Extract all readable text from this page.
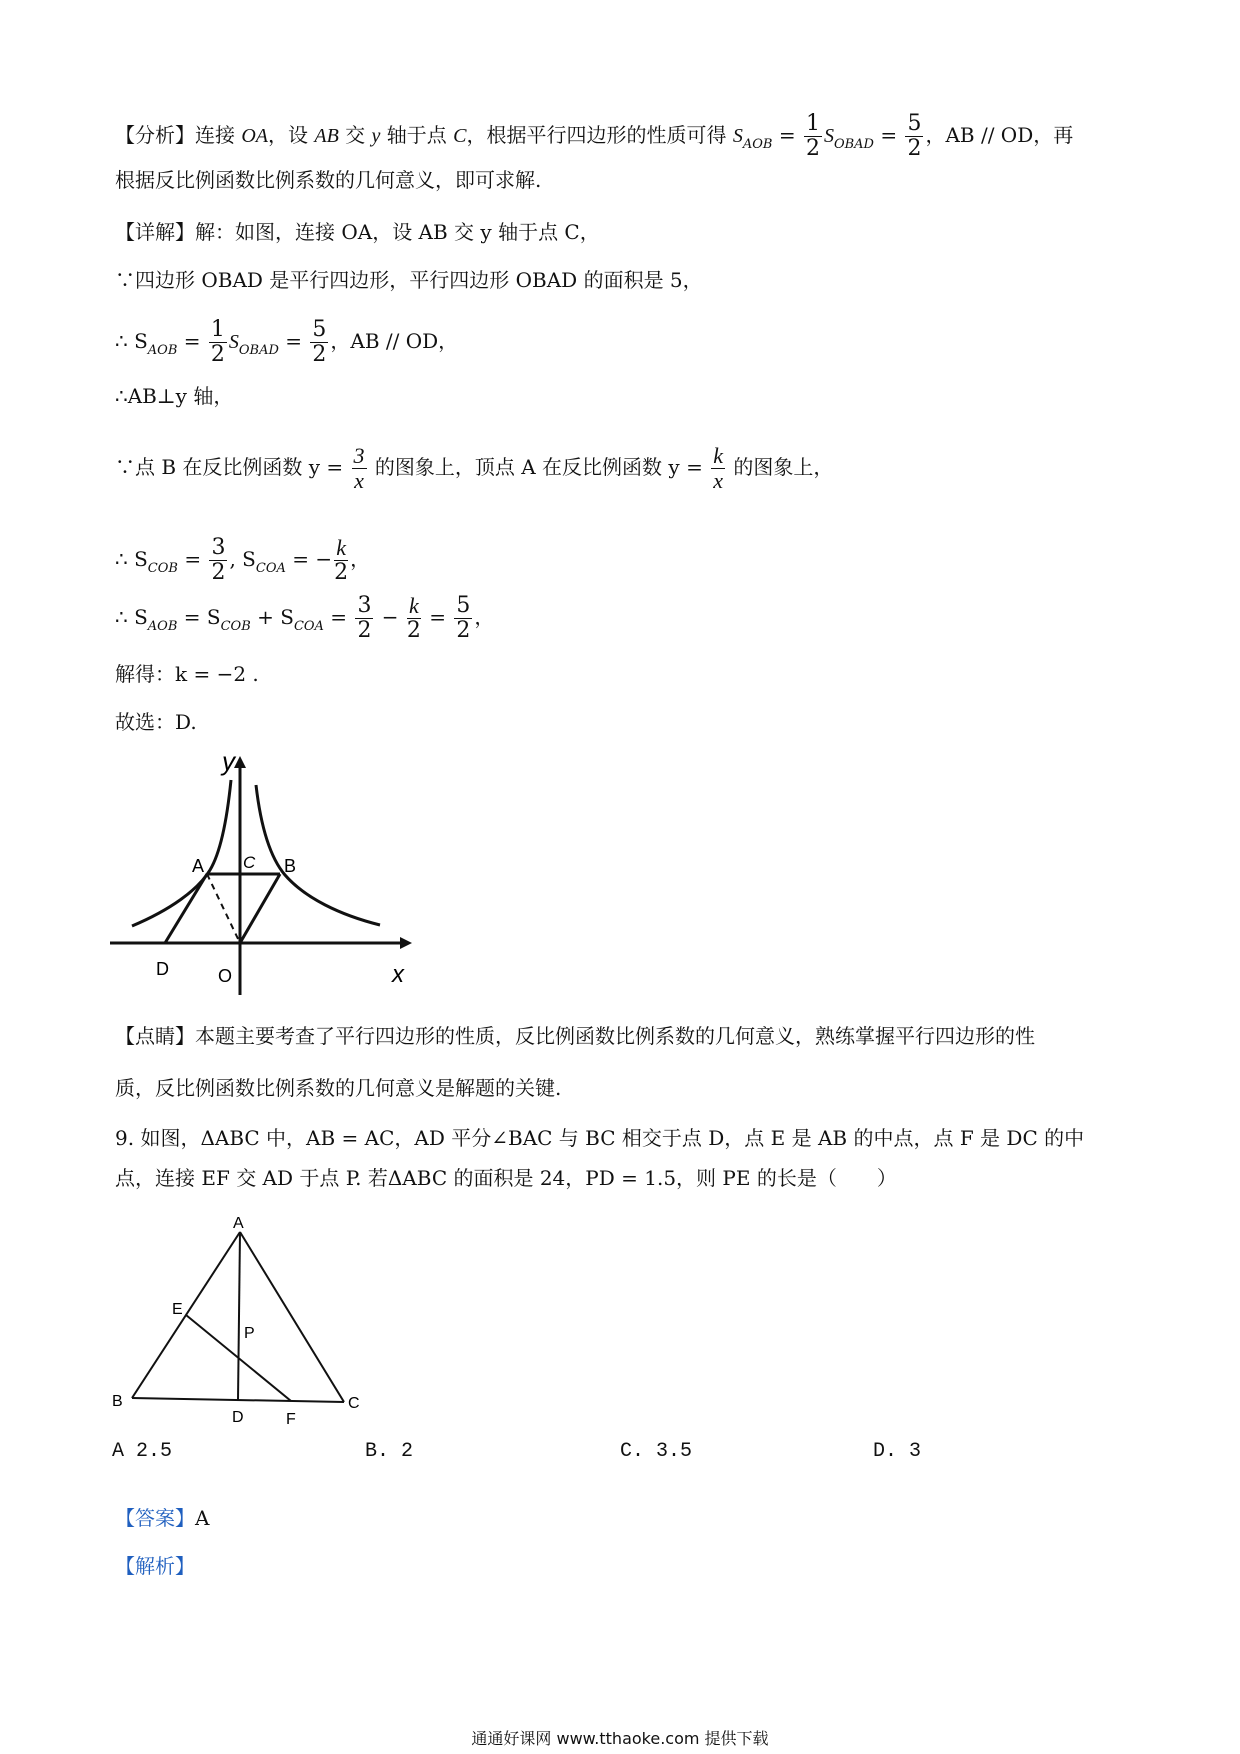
【分析】连接 OA，设 AB 交 y 轴于点 C，根据平行四边形的性质可得 $S_{AOB} = \frac{1}{2} S_{OBAD} = \frac{5}{2}$ ，AB // OD，再
根据反比例函数比例系数的几何意义，即可求解.
【详解】解：如图，连接 OA，设 AB 交 y 轴于点 C，
∵四边形 OBAD 是平行四边形，平行四边形 OBAD 的面积是 5，
∴ $S_{AOB} = \frac{1}{2} S_{OBAD} = \frac{5}{2}$ ，AB // OD，
∴AB⊥y 轴，
∵点 B 在反比例函数 $y = \frac{3}{x}$ 的图象上，顶点 A 在反比例函数 $y = \frac{k}{x}$ 的图象上，
∴ $S_{COB} = \frac{3}{2}$ , $S_{COA}$ = − $\frac{k}{2}$ ，
∴ $S_{AOB} = S_{COB} + S_{COA} = \frac{3}{2} - \frac{k}{2} = \frac{5}{2}$ ，
解得：k = −2 .
故选：D.
y
x
A	B
C
D	O
【点睛】本题主要考查了平行四边形的性质，反比例函数比例系数的几何意义，熟练掌握平行四边形的性
质，反比例函数比例系数的几何意义是解题的关键.
9. 如图，ΔABC 中，AB = AC，AD 平分∠BAC 与 BC 相交于点 D，点 E 是 AB 的中点，点 F 是 DC 的中
点，连接 EF 交 AD 于点 P. 若ΔABC 的面积是 24，PD = 1.5，则 PE 的长是（　　）
A
E
P
B
D	F
C
A 2.5	B. 2	C. 3.5	D. 3
【答案】A
【解析】
通通好课网 www.tthaoke.com 提供下载
